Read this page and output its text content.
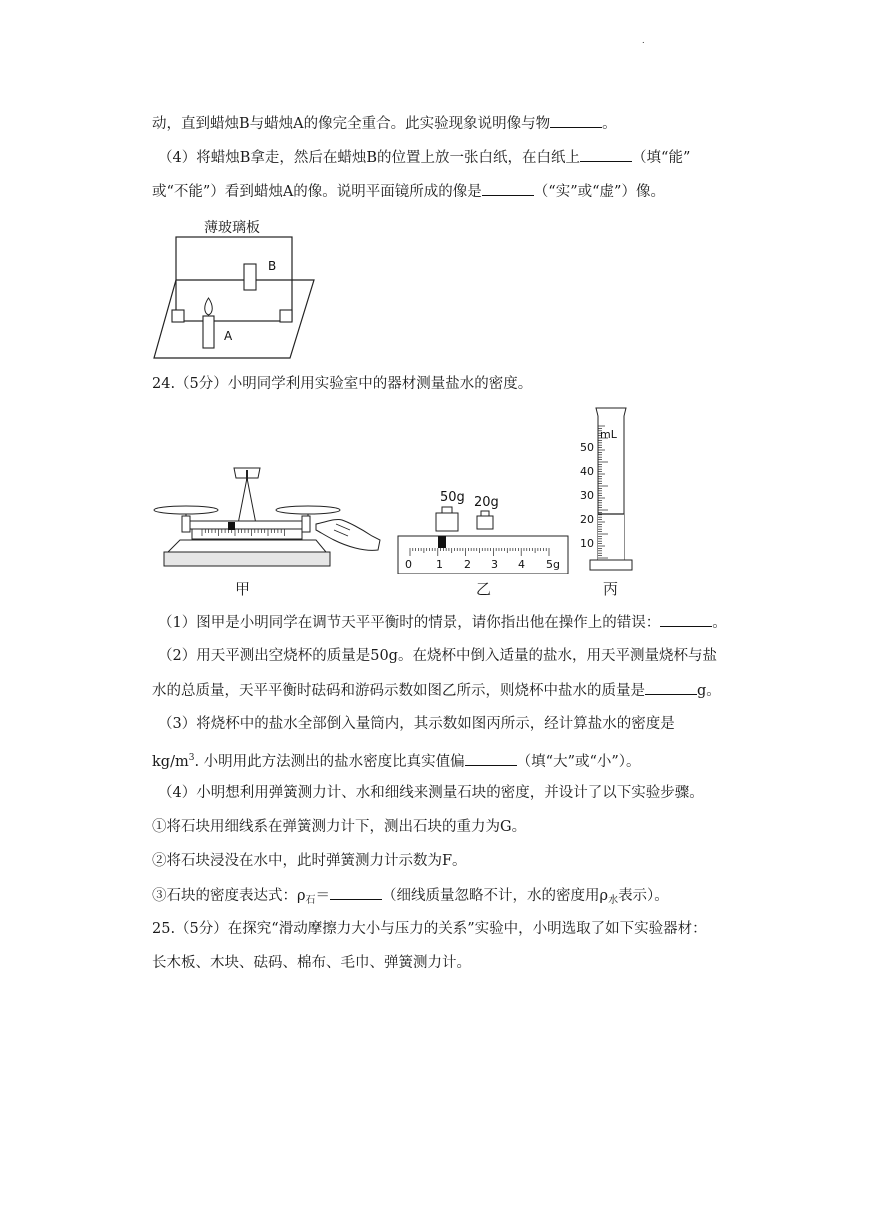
.
动，直到蜡烛B与蜡烛A的像完全重合。此实验现象说明像与物	。
（4）将蜡烛B拿走，然后在蜡烛B的位置上放一张白纸，在白纸上	（填“能”
或“不能”）看到蜡烛A的像。说明平面镜所成的像是	（“实”或“虚”）像。
薄玻璃板
B
A
24.（5分）小明同学利用实验室中的器材测量盐水的密度。
甲
50g 20g
0 1 2 3 4 5g
乙
mL
50
40
30
20
10
丙
（1）图甲是小明同学在调节天平平衡时的情景，请你指出他在操作上的错误：	。
（2）用天平测出空烧杯的质量是50g。在烧杯中倒入适量的盐水，用天平测量烧杯与盐
水的总质量，天平平衡时砝码和游码示数如图乙所示，则烧杯中盐水的质量是	g。
（3）将烧杯中的盐水全部倒入量筒内，其示数如图丙所示，经计算盐水的密度是
$kg/m^3$. 小明用此方法测出的盐水密度比真实值偏	（填“大”或“小”）。
（4）小明想利用弹簧测力计、水和细线来测量石块的密度，并设计了以下实验步骤。
①将石块用细线系在弹簧测力计下，测出石块的重力为G。
②将石块浸没在水中，此时弹簧测力计示数为F。
③石块的密度表达式：$\rho_石=$	（细线质量忽略不计，水的密度用$\rho_水$表示）。
25.（5分）在探究“滑动摩擦力大小与压力的关系”实验中，小明选取了如下实验器材：
长木板、木块、砝码、棉布、毛巾、弹簧测力计。
